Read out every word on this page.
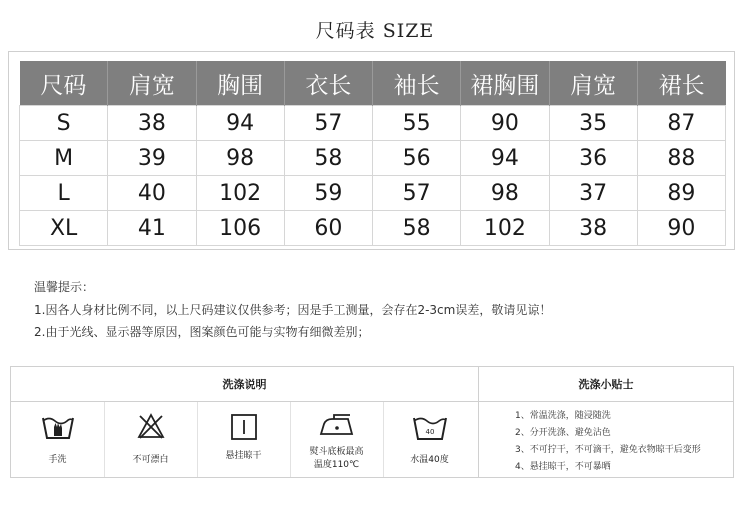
尺码表 SIZE
尺码	肩宽	胸围	衣长	袖长	裙胸围	肩宽	裙长
S	38	94	57	55	90	35	87
M	39	98	58	56	94	36	88
L	40	102	59	57	98	37	89
XL	41	106	60	58	102	38	90
温馨提示：
1.因各人身材比例不同，以上尺码建议仅供参考；因是手工测量，会存在2-3cm误差，敬请见谅！
2.由于光线、显示器等原因，图案颜色可能与实物有细微差别；
洗涤说明	洗涤小贴士
手洗	不可漂白	悬挂晾干	熨斗底板最高
温度110℃
40
水温40度
1、常温洗涤，随浸随洗
2、分开洗涤、避免沾色
3、不可拧干，不可滴干，避免衣物晾干后变形
4、悬挂晾干，不可暴晒
